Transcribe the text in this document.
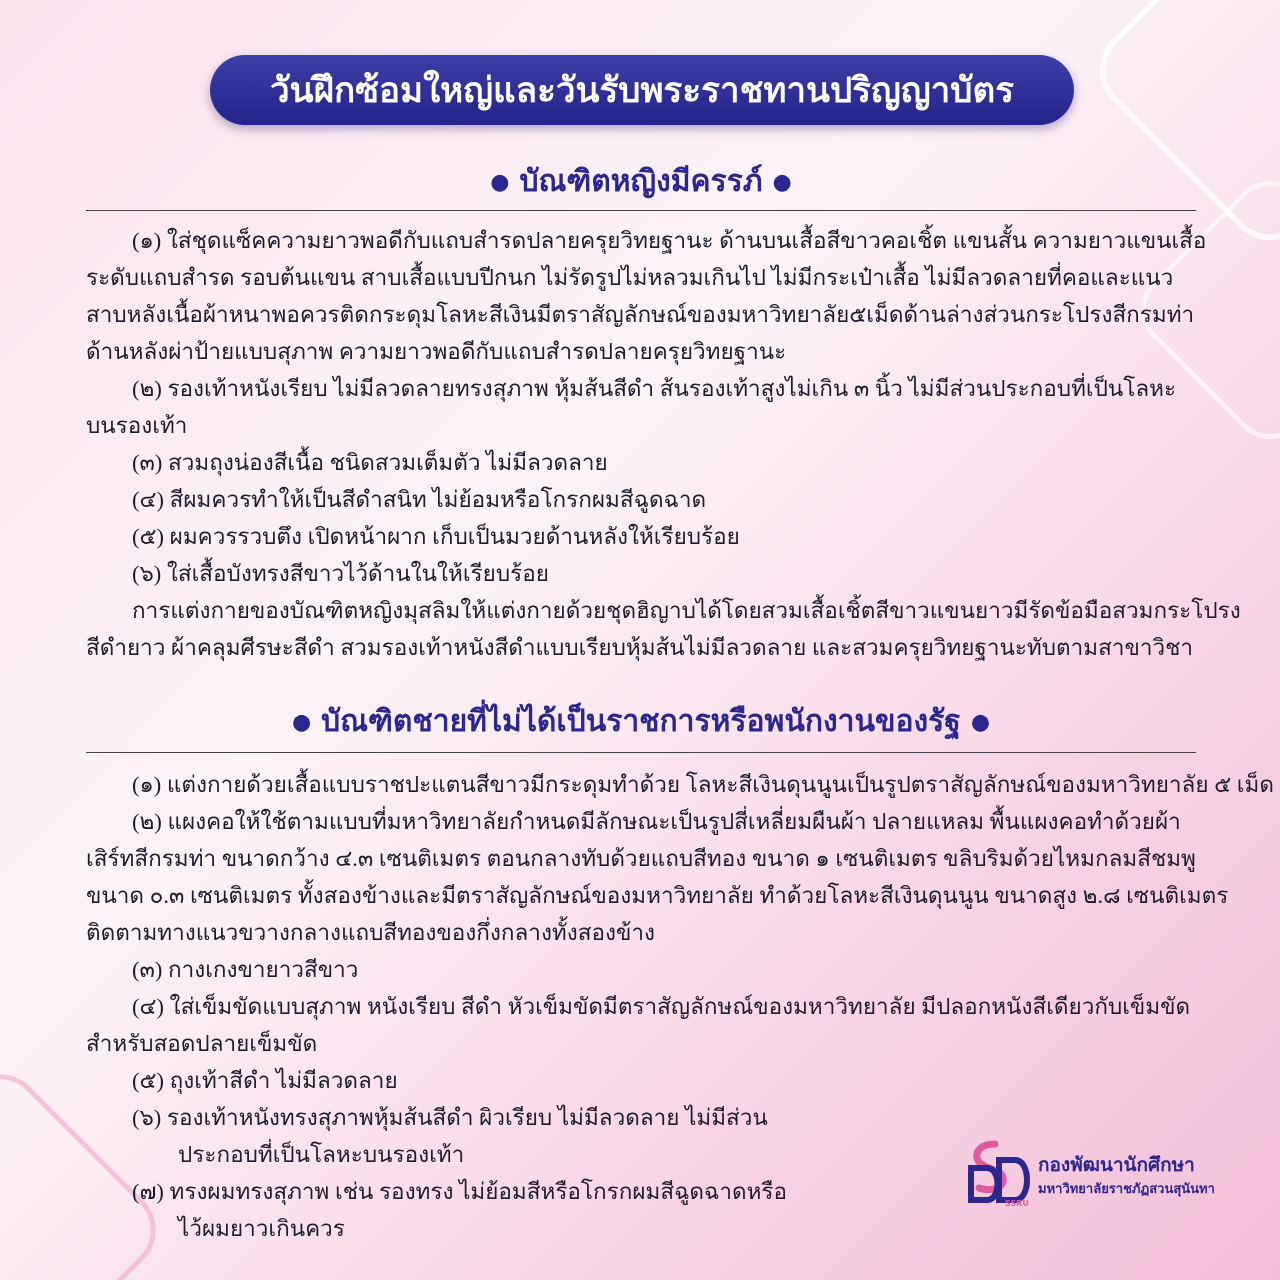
วันฝึกซ้อมใหญ่และวันรับพระราชทานปริญญาบัตร
● บัณฑิตหญิงมีครรภ์ ●
(๑) ใส่ชุดแซ็คความยาวพอดีกับแถบสำรดปลายครุยวิทยฐานะ ด้านบนเสื้อสีขาวคอเชิ้ต แขนสั้น ความยาวแขนเสื้อ
ระดับแถบสำรด รอบต้นแขน สาบเสื้อแบบปีกนก ไม่รัดรูปไม่หลวมเกินไป ไม่มีกระเป๋าเสื้อ ไม่มีลวดลายที่คอและแนว
สาบหลังเนื้อผ้าหนาพอควรติดกระดุมโลหะสีเงินมีตราสัญลักษณ์ของมหาวิทยาลัย๕เม็ดด้านล่างส่วนกระโปรงสีกรมท่า
ด้านหลังผ่าป้ายแบบสุภาพ ความยาวพอดีกับแถบสำรดปลายครุยวิทยฐานะ
(๒) รองเท้าหนังเรียบ ไม่มีลวดลายทรงสุภาพ หุ้มส้นสีดำ ส้นรองเท้าสูงไม่เกิน ๓ นิ้ว ไม่มีส่วนประกอบที่เป็นโลหะ
บนรองเท้า
(๓) สวมถุงน่องสีเนื้อ ชนิดสวมเต็มตัว ไม่มีลวดลาย
(๔) สีผมควรทำให้เป็นสีดำสนิท ไม่ย้อมหรือโกรกผมสีฉูดฉาด
(๕) ผมควรรวบตึง เปิดหน้าผาก เก็บเป็นมวยด้านหลังให้เรียบร้อย
(๖) ใส่เสื้อบังทรงสีขาวไว้ด้านในให้เรียบร้อย
การแต่งกายของบัณฑิตหญิงมุสลิมให้แต่งกายด้วยชุดฮิญาบได้โดยสวมเสื้อเชิ้ตสีขาวแขนยาวมีรัดข้อมือสวมกระโปรง
สีดำยาว ผ้าคลุมศีรษะสีดำ สวมรองเท้าหนังสีดำแบบเรียบหุ้มส้นไม่มีลวดลาย และสวมครุยวิทยฐานะทับตามสาขาวิชา
● บัณฑิตชายที่ไม่ได้เป็นราชการหรือพนักงานของรัฐ ●
(๑) แต่งกายด้วยเสื้อแบบราชปะแตนสีขาวมีกระดุมทำด้วย โลหะสีเงินดุนนูนเป็นรูปตราสัญลักษณ์ของมหาวิทยาลัย ๕ เม็ด
(๒) แผงคอให้ใช้ตามแบบที่มหาวิทยาลัยกำหนดมีลักษณะเป็นรูปสี่เหลี่ยมผืนผ้า ปลายแหลม พื้นแผงคอทำด้วยผ้า
เสิร์ทสีกรมท่า ขนาดกว้าง ๔.๓ เซนติเมตร ตอนกลางทับด้วยแถบสีทอง ขนาด ๑ เซนติเมตร ขลิบริมด้วยไหมกลมสีชมพู
ขนาด ๐.๓ เซนติเมตร ทั้งสองข้างและมีตราสัญลักษณ์ของมหาวิทยาลัย ทำด้วยโลหะสีเงินดุนนูน ขนาดสูง ๒.๘ เซนติเมตร
ติดตามทางแนวขวางกลางแถบสีทองของกึ่งกลางทั้งสองข้าง
(๓) กางเกงขายาวสีขาว
(๔) ใส่เข็มขัดแบบสุภาพ หนังเรียบ สีดำ หัวเข็มขัดมีตราสัญลักษณ์ของมหาวิทยาลัย มีปลอกหนังสีเดียวกับเข็มขัด
สำหรับสอดปลายเข็มขัด
(๕) ถุงเท้าสีดำ ไม่มีลวดลาย
(๖) รองเท้าหนังทรงสุภาพหุ้มส้นสีดำ ผิวเรียบ ไม่มีลวดลาย ไม่มีส่วน
ประกอบที่เป็นโลหะบนรองเท้า
(๗) ทรงผมทรงสุภาพ เช่น รองทรง ไม่ย้อมสีหรือโกรกผมสีฉูดฉาดหรือ
ไว้ผมยาวเกินควร
SSRU
กองพัฒนานักศึกษา
มหาวิทยาลัยราชภัฏสวนสุนันทา
